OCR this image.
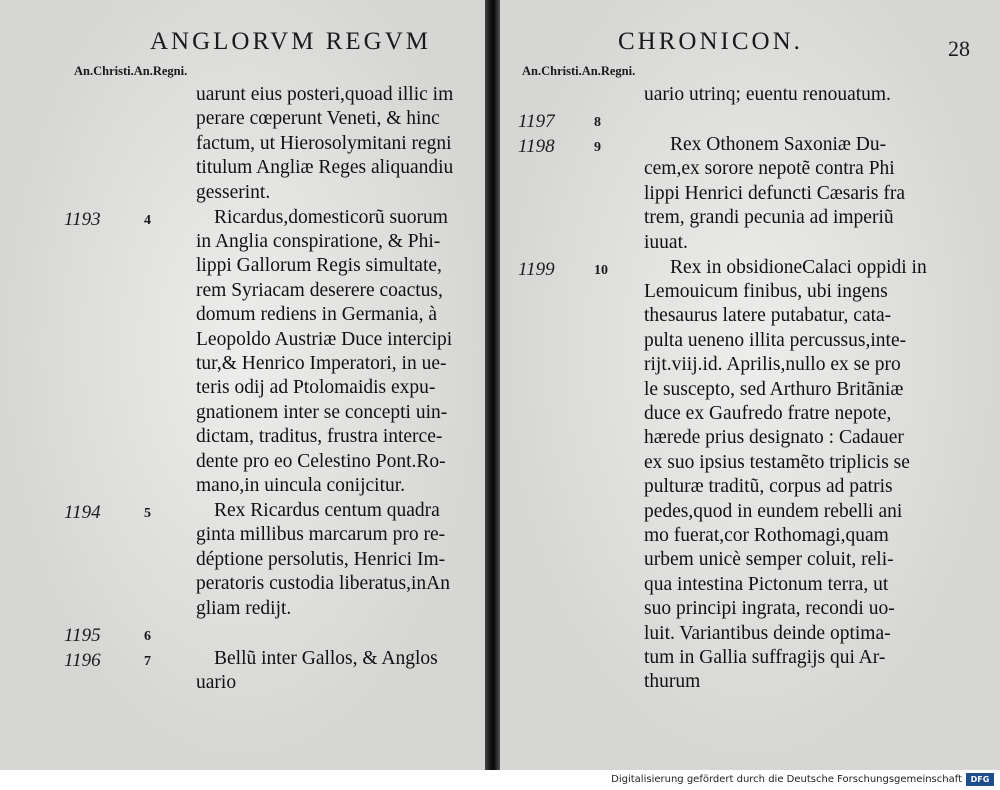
ANGLORVM REGVM
An.Christi.An.Regni.
uarunt eius posteri,quoad illic im
perare cœperunt Veneti, & hinc
factum, ut Hierosolymitani regni
titulum Angliæ Reges aliquandiu
gesserint.
1193	4	Ricardus,domesticorũ suorum
in Anglia conspiratione, & Phi-
lippi Gallorum Regis simultate,
rem Syriacam deserere coactus,
domum rediens in Germania, à
Leopoldo Austriæ Duce intercipi
tur,& Henrico Imperatori, in ue-
teris odij ad Ptolomaidis expu-
gnationem inter se concepti uin-
dictam, traditus, frustra interce-
dente pro eo Celestino Pont.Ro-
mano,in uincula conijcitur.
1194	5	Rex Ricardus centum quadra
ginta millibus marcarum pro re-
déptione persolutis, Henrici Im-
peratoris custodia liberatus,inAn
gliam redijt.
1195	6
1196	7	Bellũ inter Gallos, & Anglos
uario
CHRONICON.	28
An.Christi.An.Regni.
uario utrinq; euentu renouatum.
1197	8
1198	9	Rex Othonem Saxoniæ Du-
cem,ex sorore nepotẽ contra Phi
lippi Henrici defuncti Cæsaris fra
trem, grandi pecunia ad imperiũ
iuuat.
1199	10	Rex in obsidioneCalaci oppidi in
Lemouicum finibus, ubi ingens
thesaurus latere putabatur, cata-
pulta ueneno illita percussus,inte-
rijt.viij.id. Aprilis,nullo ex se pro
le suscepto, sed Arthuro Britãniæ
duce ex Gaufredo fratre nepote,
hærede prius designato : Cadauer
ex suo ipsius testamẽto triplicis se
pulturæ traditũ, corpus ad patris
pedes,quod in eundem rebelli ani
mo fuerat,cor Rothomagi,quam
urbem unicè semper coluit, reli-
qua intestina Pictonum terra, ut
suo principi ingrata, recondi uo-
luit. Variantibus deinde optima-
tum in Gallia suffragijs qui Ar-
thurum
Digitalisierung gefördert durch die Deutsche Forschungsgemeinschaft	DFG
